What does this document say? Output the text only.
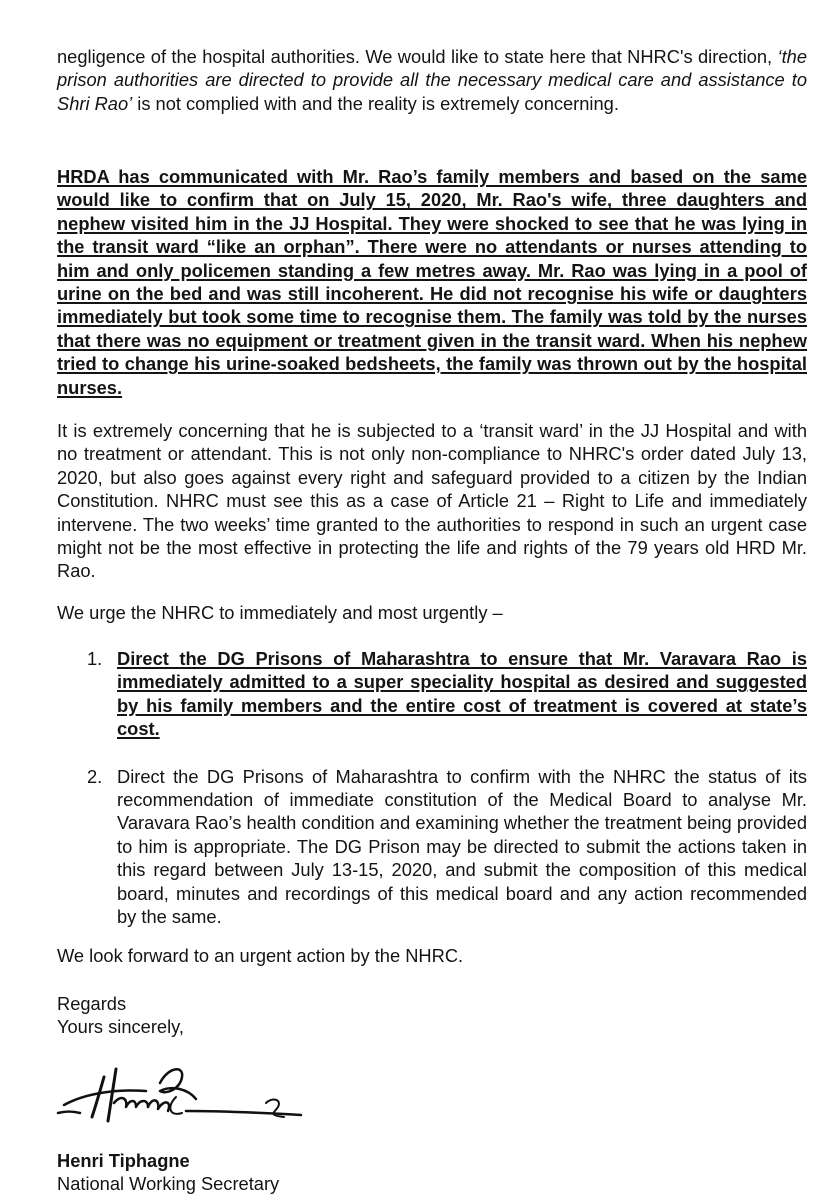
negligence of the hospital authorities. We would like to state here that NHRC's direction, ‘the prison authorities are directed to provide all the necessary medical care and assistance to Shri Rao’ is not complied with and the reality is extremely concerning.

HRDA has communicated with Mr. Rao’s family members and based on the same would like to confirm that on July 15, 2020, Mr. Rao's wife, three daughters and nephew visited him in the JJ Hospital. They were shocked to see that he was lying in the transit ward “like an orphan”. There were no attendants or nurses attending to him and only policemen standing a few metres away. Mr. Rao was lying in a pool of urine on the bed and was still incoherent. He did not recognise his wife or daughters immediately but took some time to recognise them. The family was told by the nurses that there was no equipment or treatment given in the transit ward. When his nephew tried to change his urine-soaked bedsheets, the family was thrown out by the hospital nurses.

It is extremely concerning that he is subjected to a ‘transit ward’ in the JJ Hospital and with no treatment or attendant. This is not only non-compliance to NHRC's order dated July 13, 2020, but also goes against every right and safeguard provided to a citizen by the Indian Constitution. NHRC must see this as a case of Article 21 – Right to Life and immediately intervene. The two weeks’ time granted to the authorities to respond in such an urgent case might not be the most effective in protecting the life and rights of the 79 years old HRD Mr. Rao.

We urge the NHRC to immediately and most urgently –

1. Direct the DG Prisons of Maharashtra to ensure that Mr. Varavara Rao is immediately admitted to a super speciality hospital as desired and suggested by his family members and the entire cost of treatment is covered at state’s cost.
2. Direct the DG Prisons of Maharashtra to confirm with the NHRC the status of its recommendation of immediate constitution of the Medical Board to analyse Mr. Varavara Rao’s health condition and examining whether the treatment being provided to him is appropriate. The DG Prison may be directed to submit the actions taken in this regard between July 13-15, 2020, and submit the composition of this medical board, minutes and recordings of this medical board and any action recommended by the same.

We look forward to an urgent action by the NHRC.

Regards

Yours sincerely,

Henri Tiphagne

National Working Secretary
